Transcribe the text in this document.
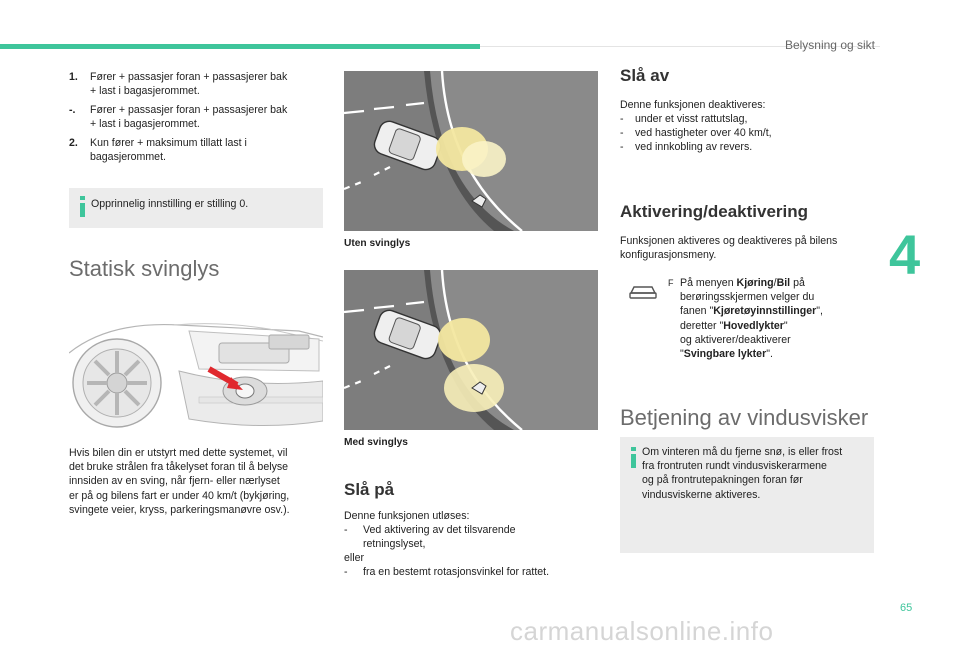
Belysning og sikt
4
1. Fører + passasjer foran + passasjerer bak
+ last i bagasjerommet.
-. Fører + passasjer foran + passasjerer bak
+ last i bagasjerommet.
2. Kun fører + maksimum tillatt last i
bagasjerommet.
Opprinnelig innstilling er stilling 0.
Statisk svinglys
Hvis bilen din er utstyrt med dette systemet, vil
det bruke strålen fra tåkelyset foran til å belyse
innsiden av en sving, når fjern- eller nærlyset
er på og bilens fart er under 40 km/t (bykjøring,
svingete veier, kryss, parkeringsmanøvre osv.).
Uten svinglys
Med svinglys
Slå på
Denne funksjonen utløses:
- Ved aktivering av det tilsvarende
retningslyset,
eller
- fra en bestemt rotasjonsvinkel for rattet.
Slå av
Denne funksjonen deaktiveres:
- under et visst rattutslag,
- ved hastigheter over 40 km/t,
- ved innkobling av revers.
Aktivering/deaktivering
Funksjonen aktiveres og deaktiveres på bilens
konfigurasjonsmeny.
F På menyen Kjøring/Bil på
berøringsskjermen velger du
fanen "Kjøretøyinnstillinger",
deretter "Hovedlykter"
og aktiverer/deaktiverer
"Svingbare lykter".
Betjening av vindusvisker
Om vinteren må du fjerne snø, is eller frost
fra frontruten rundt vindusviskerarmene
og på frontrutepakningen foran før
vindusviskerne aktiveres.
65
carmanualsonline.info
